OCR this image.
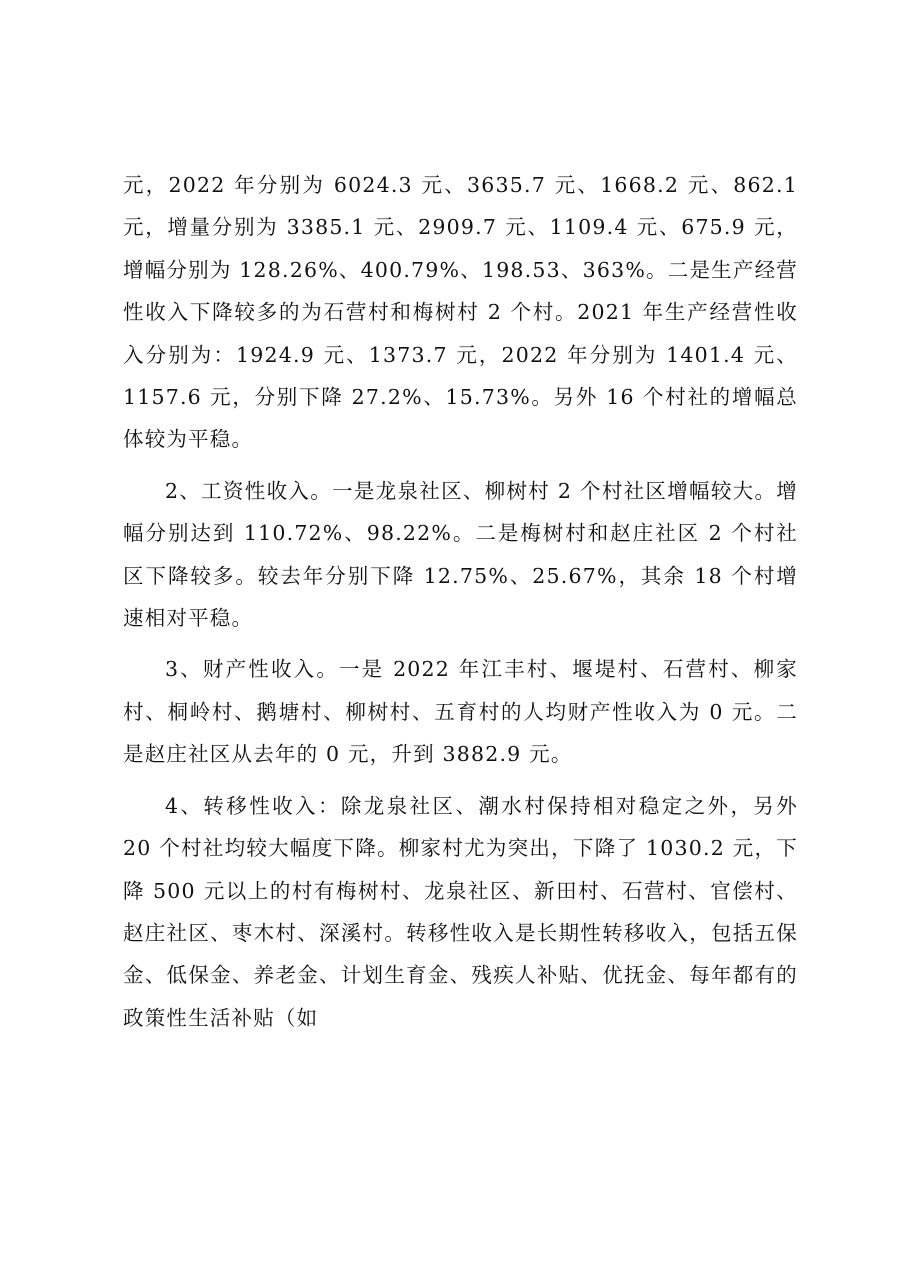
元，2022 年分别为 6024.3 元、3635.7 元、1668.2 元、862.1 元，增量分别为 3385.1 元、2909.7 元、1109.4 元、675.9 元，增幅分别为 128.26%、400.79%、198.53、363%。二是生产经营性收入下降较多的为石营村和梅树村 2 个村。2021 年生产经营性收入分别为：1924.9 元、1373.7 元，2022 年分别为 1401.4 元、1157.6 元，分别下降 27.2%、15.73%。另外 16 个村社的增幅总体较为平稳。

2、工资性收入。一是龙泉社区、柳树村 2 个村社区增幅较大。增幅分别达到 110.72%、98.22%。二是梅树村和赵庄社区 2 个村社区下降较多。较去年分别下降 12.75%、25.67%，其余 18 个村增速相对平稳。

3、财产性收入。一是 2022 年江丰村、堰堤村、石营村、柳家村、桐岭村、鹅塘村、柳树村、五育村的人均财产性收入为 0 元。二是赵庄社区从去年的 0 元，升到 3882.9 元。

4、转移性收入：除龙泉社区、潮水村保持相对稳定之外，另外 20 个村社均较大幅度下降。柳家村尤为突出，下降了 1030.2 元，下降 500 元以上的村有梅树村、龙泉社区、新田村、石营村、官偿村、赵庄社区、枣木村、深溪村。转移性收入是长期性转移收入，包括五保金、低保金、养老金、计划生育金、残疾人补贴、优抚金、每年都有的政策性生活补贴（如
